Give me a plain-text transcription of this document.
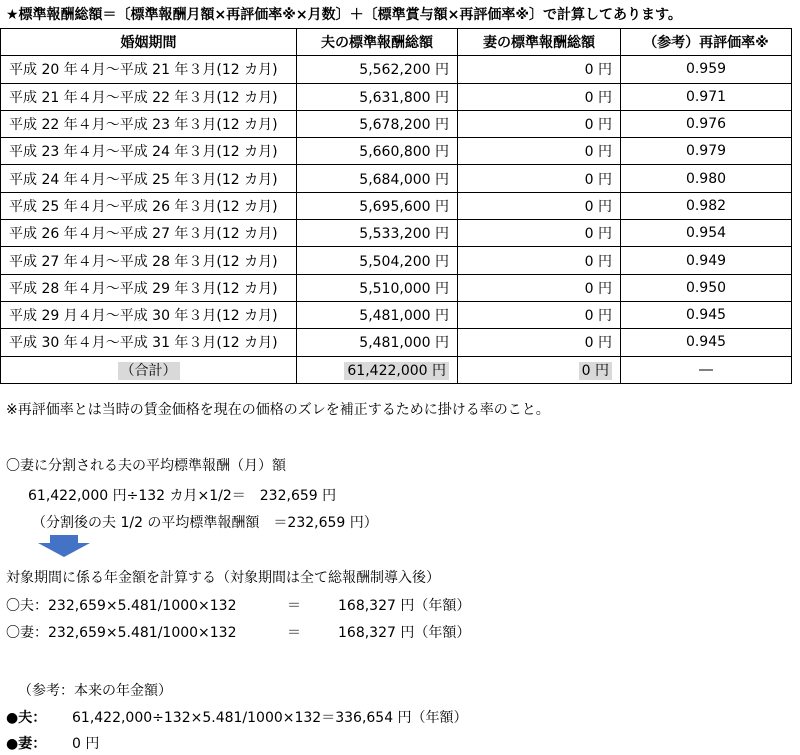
★標準報酬総額＝〔標準報酬月額×再評価率※×月数〕＋〔標準賞与額×再評価率※〕で計算してあります。
婚姻期間	夫の標準報酬総額	妻の標準報酬総額	（参考）再評価率※
平成 20 年４月～平成 21 年３月(12 カ月)	5,562,200 円	0 円	0.959
平成 21 年４月～平成 22 年３月(12 カ月)	5,631,800 円	0 円	0.971
平成 22 年４月～平成 23 年３月(12 カ月)	5,678,200 円	0 円	0.976
平成 23 年４月～平成 24 年３月(12 カ月)	5,660,800 円	0 円	0.979
平成 24 年４月～平成 25 年３月(12 カ月)	5,684,000 円	0 円	0.980
平成 25 年４月～平成 26 年３月(12 カ月)	5,695,600 円	0 円	0.982
平成 26 年４月～平成 27 年３月(12 カ月)	5,533,200 円	0 円	0.954
平成 27 年４月～平成 28 年３月(12 カ月)	5,504,200 円	0 円	0.949
平成 28 年４月～平成 29 年３月(12 カ月)	5,510,000 円	0 円	0.950
平成 29 月４月～平成 30 年３月(12 カ月)	5,481,000 円	0 円	0.945
平成 30 年４月～平成 31 年３月(12 カ月)	5,481,000 円	0 円	0.945
（合計）	61,422,000 円	0 円	―
※再評価率とは当時の賃金価格を現在の価格のズレを補正するために掛ける率のこと。
〇妻に分割される夫の平均標準報酬（月）額
61,422,000 円÷132 カ月×1/2＝　232,659 円
（分割後の夫 1/2 の平均標準報酬額　＝232,659 円）
対象期間に係る年金額を計算する（対象期間は全て総報酬制導入後）
〇夫：232,659×5.481/1000×132	＝	168,327 円（年額）
〇妻：232,659×5.481/1000×132	＝	168,327 円（年額）
（参考：本来の年金額）
●夫： 61,422,000÷132×5.481/1000×132＝336,654 円（年額）
●妻： 0 円
